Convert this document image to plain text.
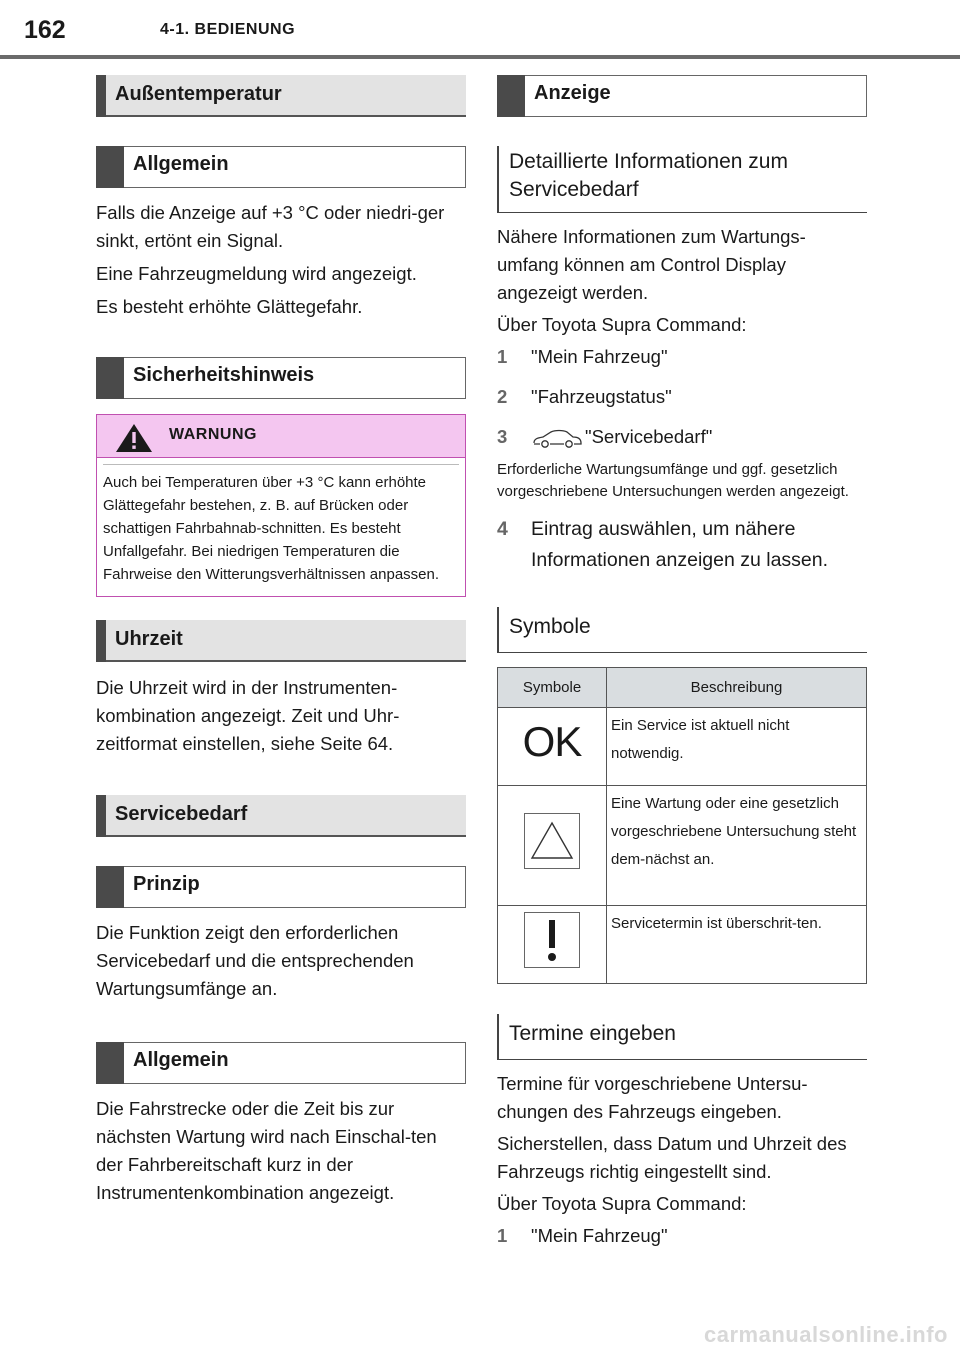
162	4-1. BEDIENUNG
Außentemperatur
Allgemein

Falls die Anzeige auf +3 °C oder niedri-ger sinkt, ertönt ein Signal.

Eine Fahrzeugmeldung wird angezeigt.

Es besteht erhöhte Glättegefahr.

Sicherheitshinweis
WARNUNG
Auch bei Temperaturen über +3 °C kann erhöhte Glättegefahr bestehen, z. B. auf Brücken oder schattigen Fahrbahnab-schnitten. Es besteht Unfallgefahr. Bei niedrigen Temperaturen die Fahrweise den Witterungsverhältnissen anpassen.
Uhrzeit

Die Uhrzeit wird in der Instrumenten-kombination angezeigt. Zeit und Uhr-zeitformat einstellen, siehe Seite 64.

Servicebedarf
Prinzip

Die Funktion zeigt den erforderlichen Servicebedarf und die entsprechenden Wartungsumfänge an.

Allgemein

Die Fahrstrecke oder die Zeit bis zur nächsten Wartung wird nach Einschal-ten der Fahrbereitschaft kurz in der Instrumentenkombination angezeigt.

Anzeige
Detaillierte Informationen zum Servicebedarf

Nähere Informationen zum Wartungs-umfang können am Control Display angezeigt werden.

Über Toyota Supra Command:

1	"Mein Fahrzeug"
2	"Fahrzeugstatus"
3	"Servicebedarf"

Erforderliche Wartungsumfänge und ggf. gesetzlich vorgeschriebene Untersuchungen werden angezeigt.

4	Eintrag auswählen, um nähere Informationen anzeigen zu lassen.
Symbole
Symbole	Beschreibung
OK	Ein Service ist aktuell nicht notwendig.
	Eine Wartung oder eine gesetzlich vorgeschriebene Untersuchung steht dem-nächst an.
	Servicetermin ist überschrit-ten.
Termine eingeben

Termine für vorgeschriebene Untersu-chungen des Fahrzeugs eingeben.

Sicherstellen, dass Datum und Uhrzeit des Fahrzeugs richtig eingestellt sind.

Über Toyota Supra Command:

1	"Mein Fahrzeug"
carmanualsonline.info
